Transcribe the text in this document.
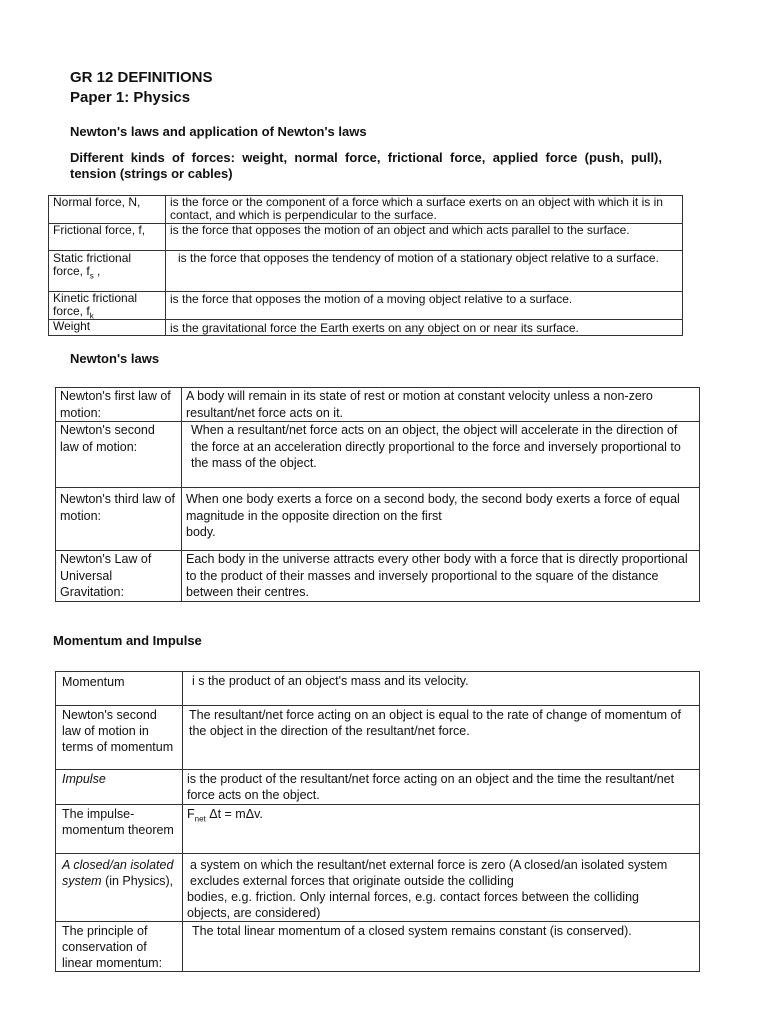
GR 12 DEFINITIONS
Paper 1: Physics
Newton's laws and application of Newton's laws
Different kinds of forces: weight, normal force, frictional force, applied force (push, pull), tension (strings or cables)
Normal force, N,	is the force or the component of a force which a surface exerts on an object with which it is in contact, and which is perpendicular to the surface.
Frictional force, f,	is the force that opposes the motion of an object and which acts parallel to the surface.
Static frictional force, $f_s$ ,	is the force that opposes the tendency of motion of a stationary object relative to a surface.
Kinetic frictional force, $f_k$	is the force that opposes the motion of a moving object relative to a surface.
Weight	is the gravitational force the Earth exerts on any object on or near its surface.
Newton's laws
Newton's first law of motion:	A body will remain in its state of rest or motion at constant velocity unless a non-zero resultant/net force acts on it.
Newton's second law of motion:	When a resultant/net force acts on an object, the object will accelerate in the direction of the force at an acceleration directly proportional to the force and inversely proportional to the mass of the object.
Newton's third law of motion:	When one body exerts a force on a second body, the second body exerts a force of equal magnitude in the opposite direction on the first
body.
Newton's Law of Universal Gravitation:	Each body in the universe attracts every other body with a force that is directly proportional to the product of their masses and inversely proportional to the square of the distance between their centres.
Momentum and Impulse
Momentum	i s the product of an object's mass and its velocity.
Newton's second law of motion in terms of momentum	The resultant/net force acting on an object is equal to the rate of change of momentum of the object in the direction of the resultant/net force.
Impulse	is the product of the resultant/net force acting on an object and the time the resultant/net force acts on the object.
The impulse-momentum theorem	$F_{net}$ Δt = mΔv.
A closed/an isolated system (in Physics),	a system on which the resultant/net external force is zero (A closed/an isolated system excludes external forces that originate outside the colliding
bodies, e.g. friction. Only internal forces, e.g. contact forces between the colliding objects, are considered)

The principle of conservation of linear momentum:	The total linear momentum of a closed system remains constant (is conserved).
